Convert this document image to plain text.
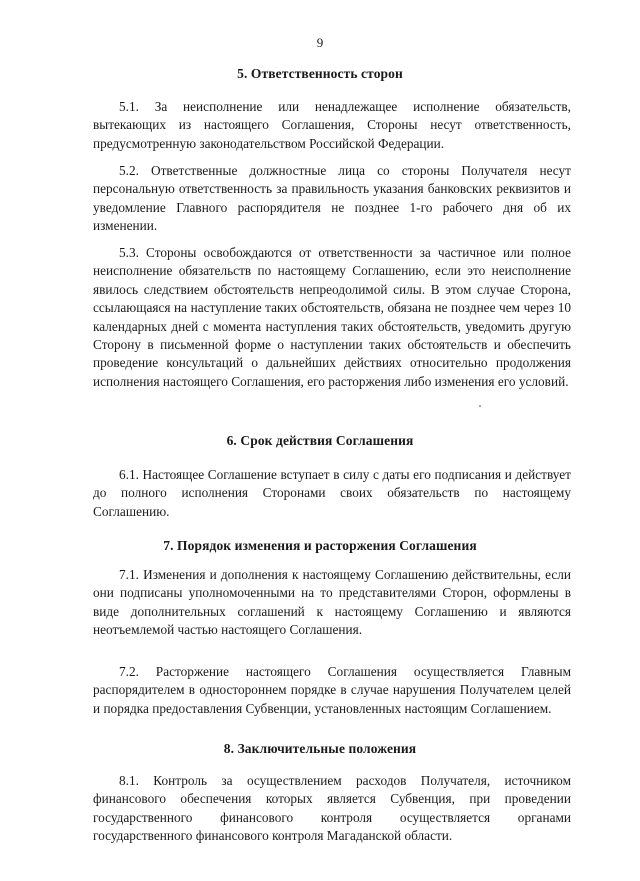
9
5. Ответственность сторон

5.1. За неисполнение или ненадлежащее исполнение обязательств, вытекающих из настоящего Соглашения, Стороны несут ответственность, предусмотренную законодательством Российской Федерации.

5.2. Ответственные должностные лица со стороны Получателя несут персональную ответственность за правильность указания банковских реквизитов и уведомление Главного распорядителя не позднее 1-го рабочего дня об их изменении.

5.3. Стороны освобождаются от ответственности за частичное или полное неисполнение обязательств по настоящему Соглашению, если это неисполнение явилось следствием обстоятельств непреодолимой силы. В этом случае Сторона, ссылающаяся на наступление таких обстоятельств, обязана не позднее чем через 10 календарных дней с момента наступления таких обстоятельств, уведомить другую Сторону в письменной форме о наступлении таких обстоятельств и обеспечить проведение консультаций о дальнейших действиях относительно продолжения исполнения настоящего Соглашения, его расторжения либо изменения его условий.

6. Срок действия Соглашения

6.1. Настоящее Соглашение вступает в силу с даты его подписания и действует до полного исполнения Сторонами своих обязательств по настоящему Соглашению.

7. Порядок изменения и расторжения Соглашения

7.1. Изменения и дополнения к настоящему Соглашению действительны, если они подписаны уполномоченными на то представителями Сторон, оформлены в виде дополнительных соглашений к настоящему Соглашению и являются неотъемлемой частью настоящего Соглашения.

7.2. Расторжение настоящего Соглашения осуществляется Главным распорядителем в одностороннем порядке в случае нарушения Получателем целей и порядка предоставления Субвенции, установленных настоящим Соглашением.

8. Заключительные положения

8.1. Контроль за осуществлением расходов Получателя, источником финансового обеспечения которых является Субвенция, при проведении государственного финансового контроля осуществляется органами государственного финансового контроля Магаданской области.
